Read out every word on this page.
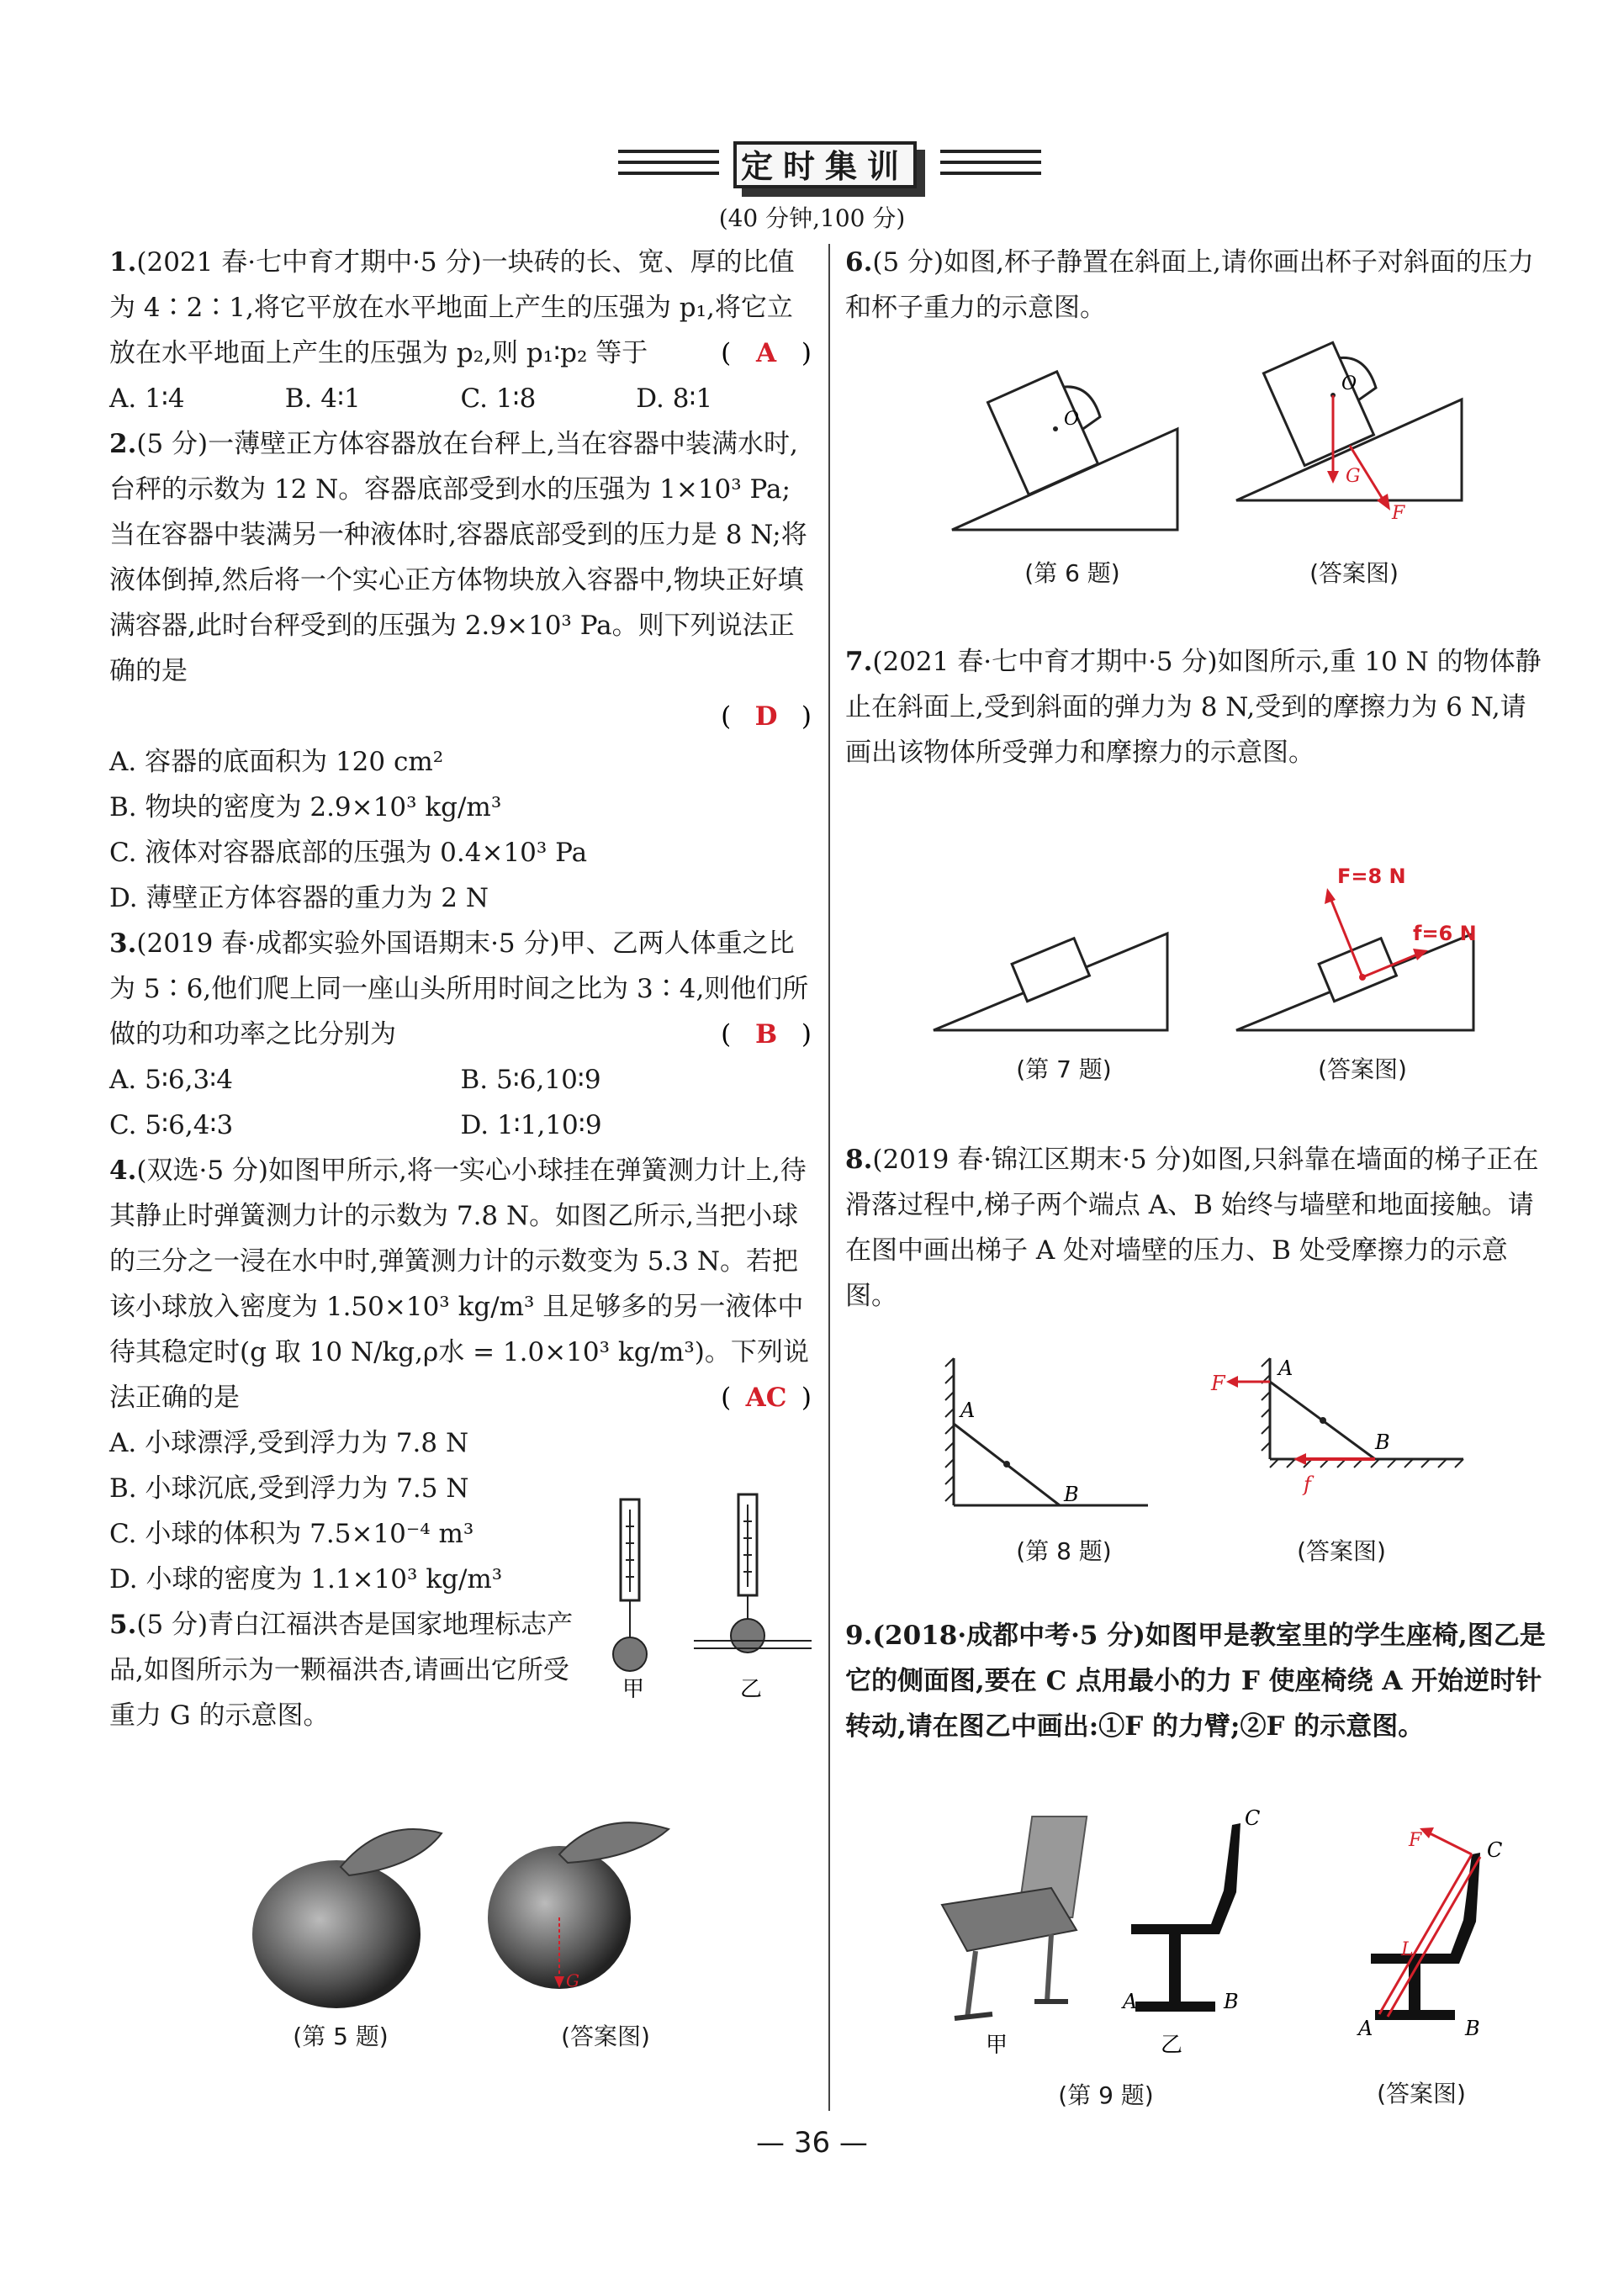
定时集训
(40 分钟,100 分)
1.(2021 春·七中育才期中·5 分)一块砖的长、宽、厚的比值为 4∶2∶1,将它平放在水平地面上产生的压强为 p₁,将它立放在水平地面上产生的压强为 p₂,则 p₁∶p₂ 等于	( A )
A. 1∶4	B. 4∶1	C. 1∶8	D. 8∶1
2.(5 分)一薄壁正方体容器放在台秤上,当在容器中装满水时,台秤的示数为 12 N。容器底部受到水的压强为 1×10³ Pa;当在容器中装满另一种液体时,容器底部受到的压力是 8 N;将液体倒掉,然后将一个实心正方体物块放入容器中,物块正好填满容器,此时台秤受到的压强为 2.9×10³ Pa。则下列说法正确的是
( D )
A. 容器的底面积为 120 cm²
B. 物块的密度为 2.9×10³ kg/m³
C. 液体对容器底部的压强为 0.4×10³ Pa
D. 薄壁正方体容器的重力为 2 N
3.(2019 春·成都实验外国语期末·5 分)甲、乙两人体重之比为 5∶6,他们爬上同一座山头所用时间之比为 3∶4,则他们所做的功和功率之比分别为	( B )
A. 5∶6,3∶4	B. 5∶6,10∶9
C. 5∶6,4∶3	D. 1∶1,10∶9
4.(双选·5 分)如图甲所示,将一实心小球挂在弹簧测力计上,待其静止时弹簧测力计的示数为 7.8 N。如图乙所示,当把小球的三分之一浸在水中时,弹簧测力计的示数变为 5.3 N。若把该小球放入密度为 1.50×10³ kg/m³ 且足够多的另一液体中待其稳定时(g 取 10 N/kg,ρ水 = 1.0×10³ kg/m³)。下列说法正确的是	( AC )
A. 小球漂浮,受到浮力为 7.8 N
B. 小球沉底,受到浮力为 7.5 N
C. 小球的体积为 7.5×10⁻⁴ m³
D. 小球的密度为 1.1×10³ kg/m³
5.(5 分)青白江福洪杏是国家地理标志产品,如图所示为一颗福洪杏,请画出它所受重力 G 的示意图。
甲	乙
G
(第 5 题)	(答案图)
6.(5 分)如图,杯子静置在斜面上,请你画出杯子对斜面的压力和杯子重力的示意图。
O
O
G
F
(第 6 题)	(答案图)
7.(2021 春·七中育才期中·5 分)如图所示,重 10 N 的物体静止在斜面上,受到斜面的弹力为 8 N,受到的摩擦力为 6 N,请画出该物体所受弹力和摩擦力的示意图。
F=8 N
f=6 N
(第 7 题)	(答案图)
8.(2019 春·锦江区期末·5 分)如图,只斜靠在墙面的梯子正在滑落过程中,梯子两个端点 A、B 始终与墙壁和地面接触。请在图中画出梯子 A 处对墙壁的压力、B 处受摩擦力的示意图。
A
B
F
A
B
f
(第 8 题)	(答案图)
9.(2018·成都中考·5 分)如图甲是教室里的学生座椅,图乙是它的侧面图,要在 C 点用最小的力 F 使座椅绕 A 开始逆时针转动,请在图乙中画出:①F 的力臂;②F 的示意图。
甲
C
A	B
乙
F
L
C
A	B
(第 9 题)	(答案图)
— 36 —
